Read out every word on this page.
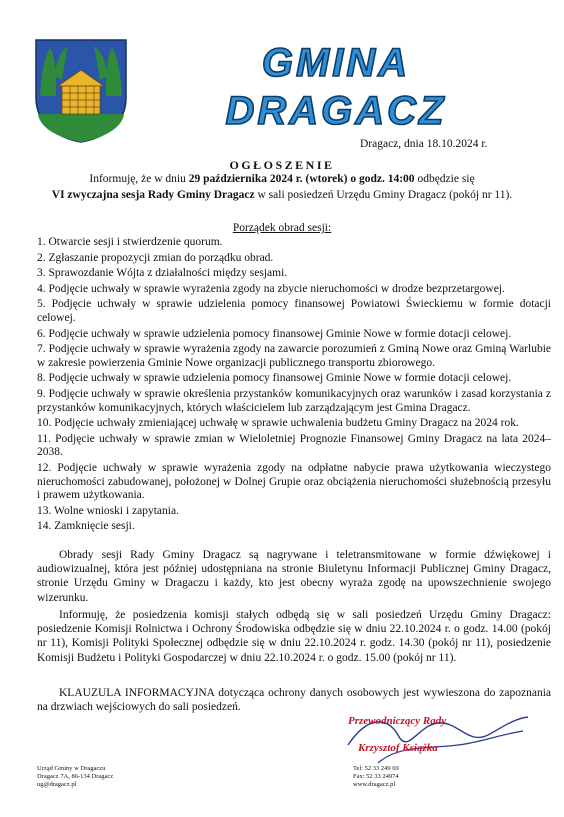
GMINA
DRAGACZ
Dragacz, dnia 18.10.2024 r.
OGŁOSZENIE
Informuję, że w dniu 29 października 2024 r. (wtorek) o godz. 14:00 odbędzie się
VI zwyczajna sesja Rady Gminy Dragacz w sali posiedzeń Urzędu Gminy Dragacz (pokój nr 11).
Porządek obrad sesji:
1. Otwarcie sesji i stwierdzenie quorum.
2. Zgłaszanie propozycji zmian do porządku obrad.
3. Sprawozdanie Wójta z działalności między sesjami.
4. Podjęcie uchwały w sprawie wyrażenia zgody na zbycie nieruchomości w drodze bezprzetargowej.
5. Podjęcie uchwały w sprawie udzielenia pomocy finansowej Powiatowi Świeckiemu w formie dotacji celowej.
6. Podjęcie uchwały w sprawie udzielenia pomocy finansowej Gminie Nowe w formie dotacji celowej.
7. Podjęcie uchwały w sprawie wyrażenia zgody na zawarcie porozumień z Gminą Nowe oraz Gminą Warlubie w zakresie powierzenia Gminie Nowe organizacji publicznego transportu zbiorowego.
8. Podjęcie uchwały w sprawie udzielenia pomocy finansowej Gminie Nowe w formie dotacji celowej.
9. Podjęcie uchwały w sprawie określenia przystanków komunikacyjnych oraz warunków i zasad korzystania z przystanków komunikacyjnych, których właścicielem lub zarządzającym jest Gmina Dragacz.
10. Podjęcie uchwały zmieniającej uchwałę w sprawie uchwalenia budżetu Gminy Dragacz na 2024 rok.
11. Podjęcie uchwały w sprawie zmian w Wieloletniej Prognozie Finansowej Gminy Dragacz na lata 2024–2038.
12. Podjęcie uchwały w sprawie wyrażenia zgody na odpłatne nabycie prawa użytkowania wieczystego nieruchomości zabudowanej, położonej w Dolnej Grupie oraz obciążenia nieruchomości służebnością przesyłu i prawem użytkowania.
13. Wolne wnioski i zapytania.
14. Zamknięcie sesji.

Obrady sesji Rady Gminy Dragacz są nagrywane i teletransmitowane w formie dźwiękowej i audiowizualnej, która jest później udostępniana na stronie Biuletynu Informacji Publicznej Gminy Dragacz, stronie Urzędu Gminy w Dragaczu i każdy, kto jest obecny wyraża zgodę na upowszechnienie swojego wizerunku.

Informuję, że posiedzenia komisji stałych odbędą się w sali posiedzeń Urzędu Gminy Dragacz: posiedzenie Komisji Rolnictwa i Ochrony Środowiska odbędzie się w dniu 22.10.2024 r. o godz. 14.00 (pokój nr 11), Komisji Polityki Społecznej odbędzie się w dniu 22.10.2024 r. godz. 14.30 (pokój nr 11), posiedzenie Komisji Budżetu i Polityki Gospodarczej w dniu 22.10.2024 r. o godz. 15.00 (pokój nr 11).

KLAUZULA INFORMACYJNA dotycząca ochrony danych osobowych jest wywieszona do zapoznania na drzwiach wejściowych do sali posiedzeń.

Przewodniczący Rady
Krzysztof Książka
Urząd Gminy w Dragaczu
Dragacz 7A, 86-134 Dragacz
ug@dragacz.pl
Tel: 52 33 249 69
Fax: 52 33 24974
www.dragacz.pl
